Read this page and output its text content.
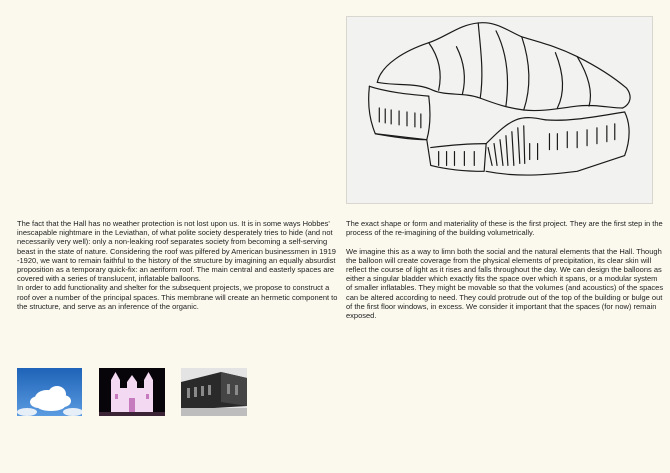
The fact that the Hall has no weather protection is not lost upon us. It is in some ways Hobbes' inescapable nightmare in the Leviathan, of what polite society desperately tries to hide (and not necessarily very well): only a non-leaking roof separates society from becoming a self-serving beast in the state of nature. Considering the roof was pilfered by American businessmen in 1919 -1920, we want to remain faithful to the history of the structure by imagining an equally absurdist proposition as a temporary quick-fix: an aeriform roof. The main central and easterly spaces are covered with a series of translucent, inflatable balloons.

In order to add functionality and shelter for the subsequent projects, we propose to construct a roof over a number of the principal spaces. This membrane will create an hermetic component to the structure, and serve as an inference of the organic.

The exact shape or form and materiality of these is the first project. They are the first step in the process of the re-imagining of the building volumetrically.

We imagine this as a way to limn both the social and the natural elements that the Hall. Though the balloon will create coverage from the physical elements of precipitation, its clear skin will reflect the course of light as it rises and falls throughout the day. We can design the balloons as either a singular bladder which exactly fits the space over which it spans, or a modular system of smaller inflatables. They might be movable so that the volumes (and acoustics) of the spaces can be altered according to need. They could protrude out of the top of the building or bulge out of the first floor windows, in excess. We consider it important that the spaces (for now) remain exposed.
